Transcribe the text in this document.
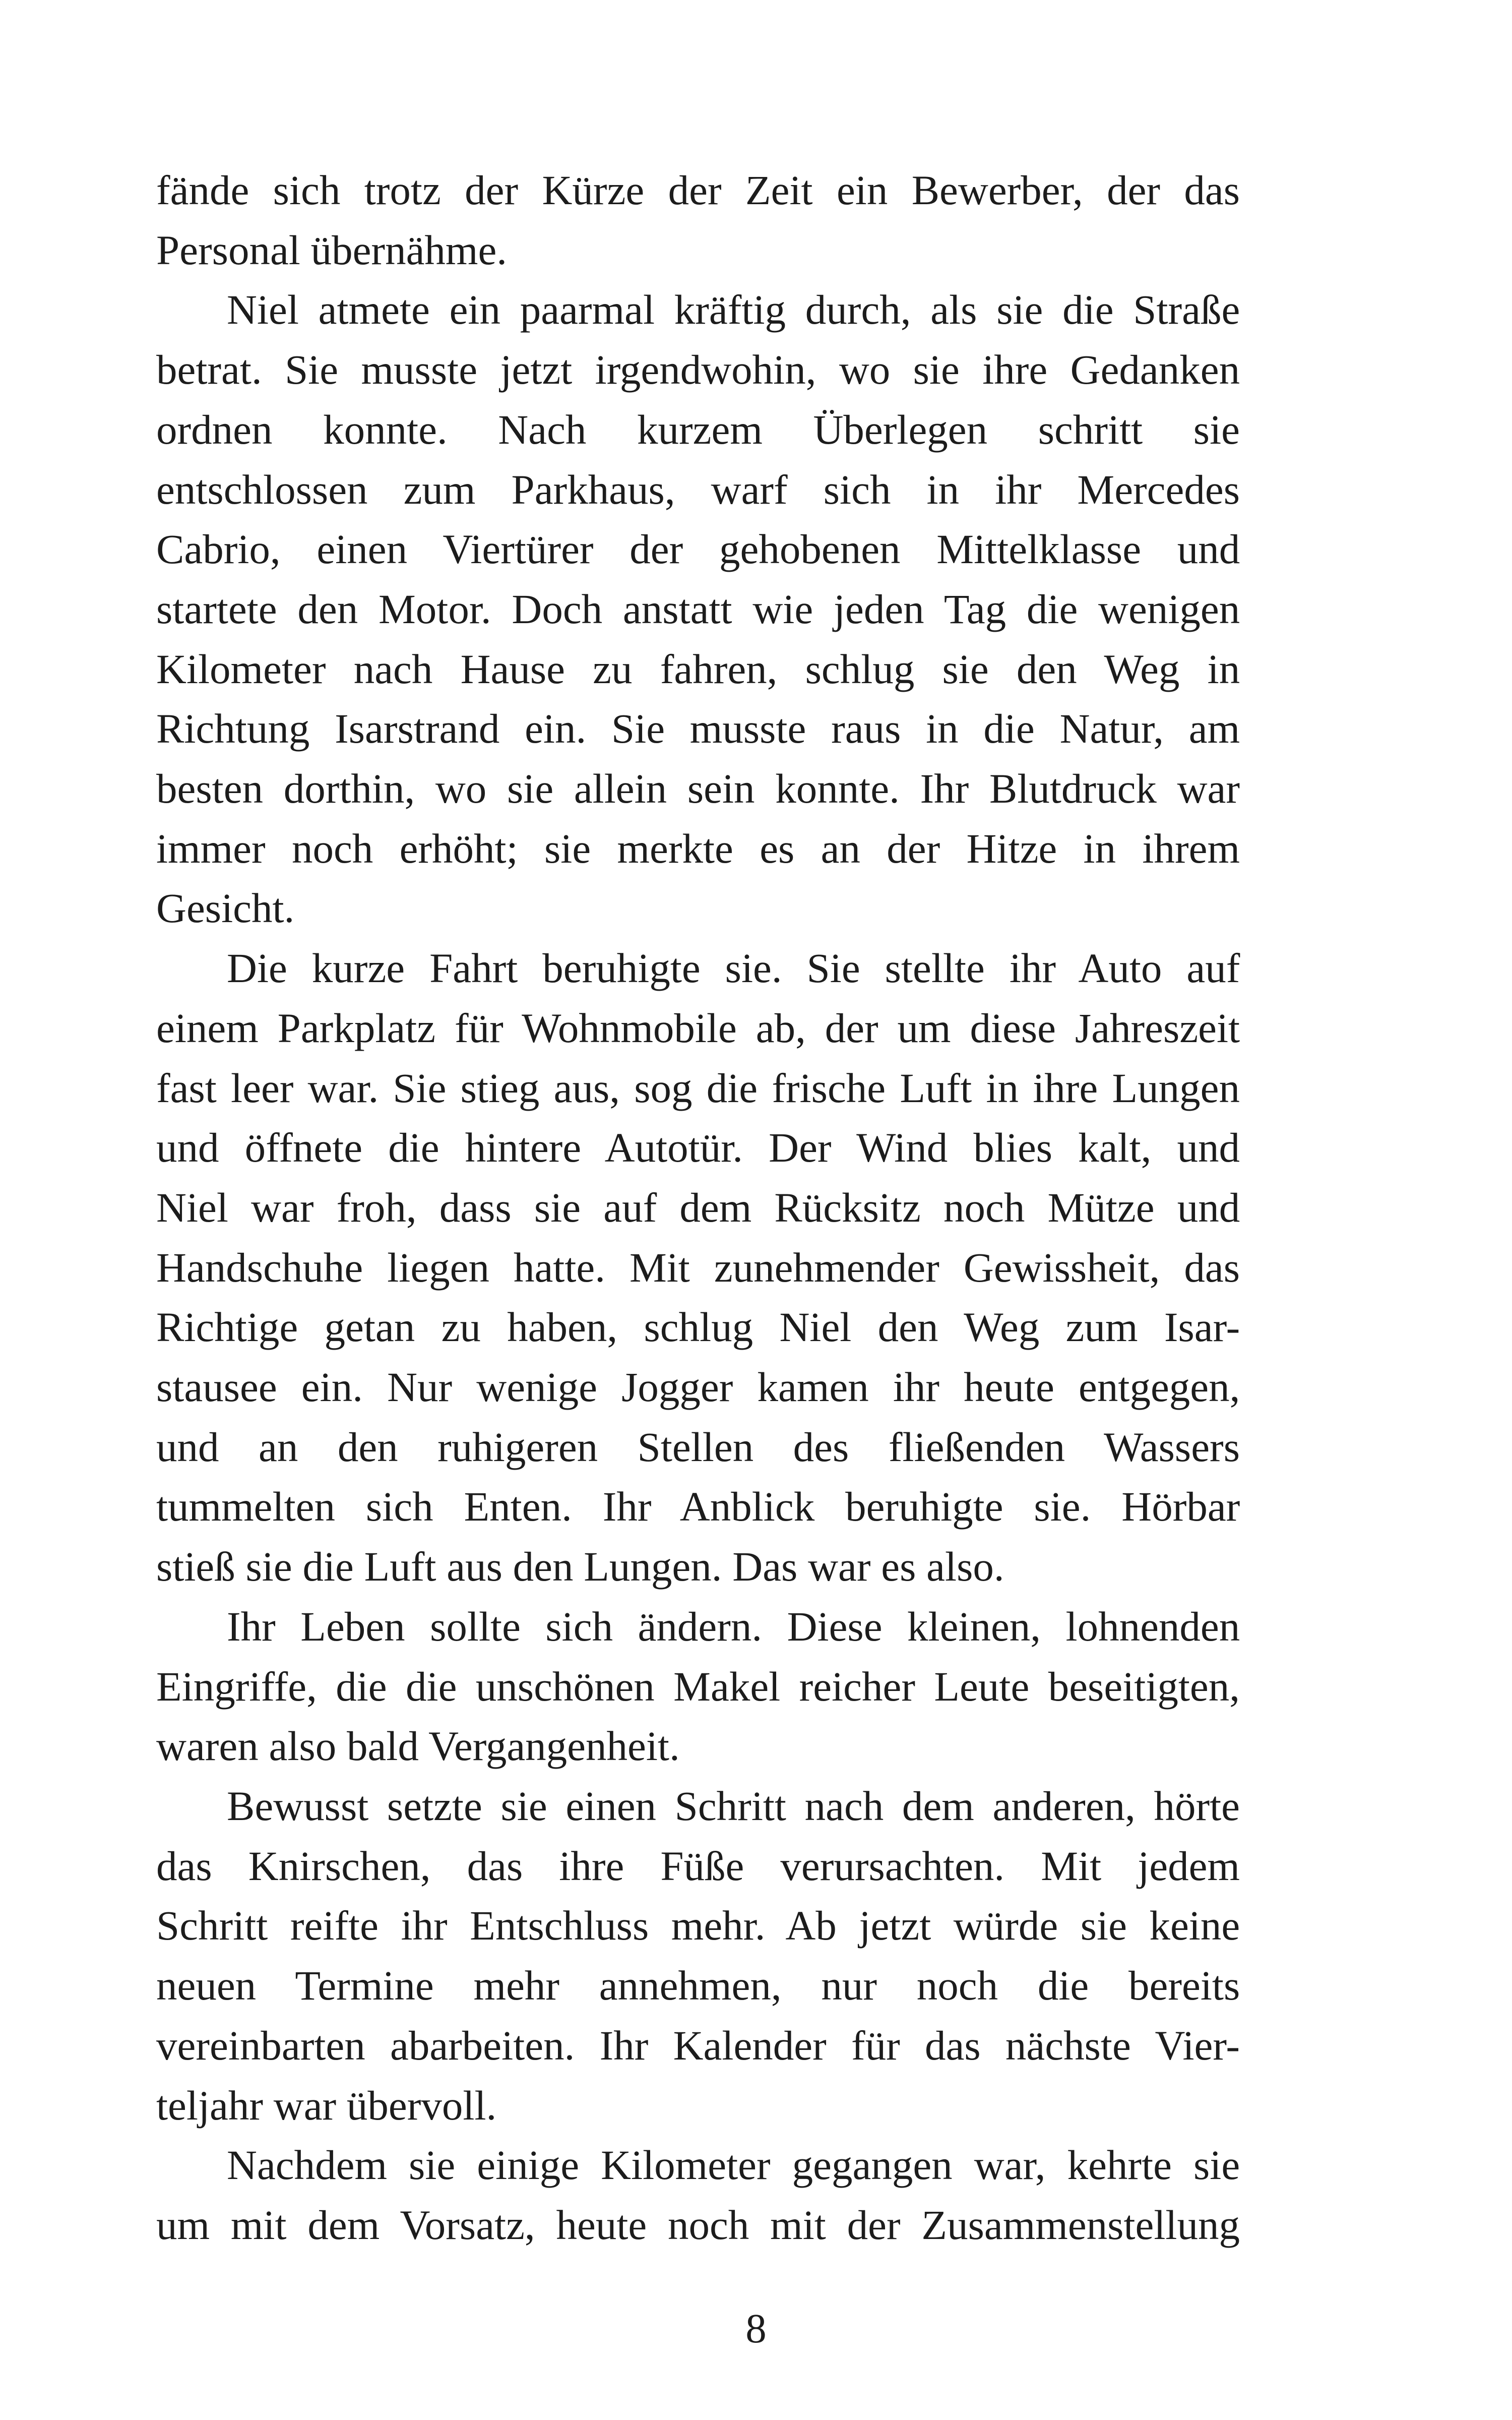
fände sich trotz der Kürze der Zeit ein Bewerber, der das
Personal übernähme.
Niel atmete ein paarmal kräftig durch, als sie die Straße
betrat. Sie musste jetzt irgendwohin, wo sie ihre Gedanken
ordnen konnte. Nach kurzem Überlegen schritt sie
entschlossen zum Parkhaus, warf sich in ihr Mercedes
Cabrio, einen Viertürer der gehobenen Mittelklasse und
startete den Motor. Doch anstatt wie jeden Tag die wenigen
Kilometer nach Hause zu fahren, schlug sie den Weg in
Richtung Isarstrand ein. Sie musste raus in die Natur, am
besten dorthin, wo sie allein sein konnte. Ihr Blutdruck war
immer noch erhöht; sie merkte es an der Hitze in ihrem
Gesicht.
Die kurze Fahrt beruhigte sie. Sie stellte ihr Auto auf
einem Parkplatz für Wohnmobile ab, der um diese Jahreszeit
fast leer war. Sie stieg aus, sog die frische Luft in ihre Lungen
und öffnete die hintere Autotür. Der Wind blies kalt, und
Niel war froh, dass sie auf dem Rücksitz noch Mütze und
Handschuhe liegen hatte. Mit zunehmender Gewissheit, das
Richtige getan zu haben, schlug Niel den Weg zum Isar-
stausee ein. Nur wenige Jogger kamen ihr heute entgegen,
und an den ruhigeren Stellen des fließenden Wassers
tummelten sich Enten. Ihr Anblick beruhigte sie. Hörbar
stieß sie die Luft aus den Lungen. Das war es also.
Ihr Leben sollte sich ändern. Diese kleinen, lohnenden
Eingriffe, die die unschönen Makel reicher Leute beseitigten,
waren also bald Vergangenheit.
Bewusst setzte sie einen Schritt nach dem anderen, hörte
das Knirschen, das ihre Füße verursachten. Mit jedem
Schritt reifte ihr Entschluss mehr. Ab jetzt würde sie keine
neuen Termine mehr annehmen, nur noch die bereits
vereinbarten abarbeiten. Ihr Kalender für das nächste Vier-
teljahr war übervoll.
Nachdem sie einige Kilometer gegangen war, kehrte sie
um mit dem Vorsatz, heute noch mit der Zusammenstellung
8
